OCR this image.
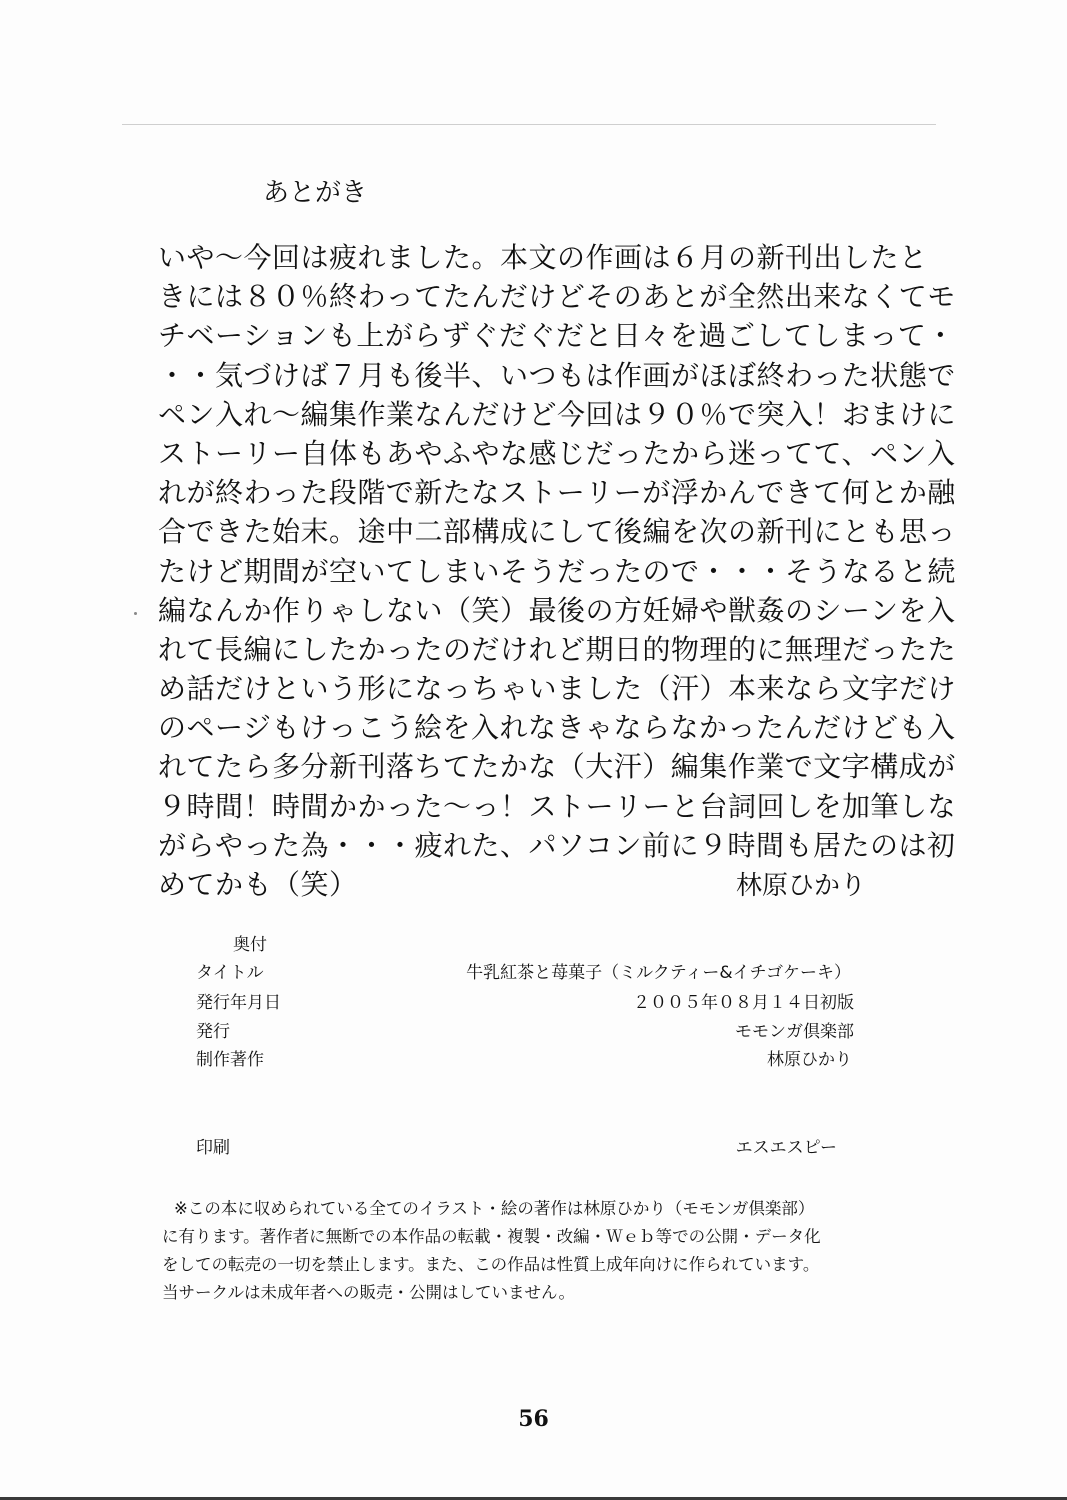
あとがき
いや～今回は疲れました。本文の作画は６月の新刊出したと
きには８０％終わってたんだけどそのあとが全然出来なくてモ
チベーションも上がらずぐだぐだと日々を過ごしてしまって・
・・気づけば７月も後半、いつもは作画がほぼ終わった状態で
ペン入れ～編集作業なんだけど今回は９０％で突入！おまけに
ストーリー自体もあやふやな感じだったから迷ってて、ペン入
れが終わった段階で新たなストーリーが浮かんできて何とか融
合できた始末。途中二部構成にして後編を次の新刊にとも思っ
たけど期間が空いてしまいそうだったので・・・そうなると続
編なんか作りゃしない（笑）最後の方妊婦や獣姦のシーンを入
れて長編にしたかったのだけれど期日的物理的に無理だったた
め話だけという形になっちゃいました（汗）本来なら文字だけ
のページもけっこう絵を入れなきゃならなかったんだけども入
れてたら多分新刊落ちてたかな（大汗）編集作業で文字構成が
９時間！時間かかった～っ！ストーリーと台詞回しを加筆しな
がらやった為・・・疲れた、パソコン前に９時間も居たのは初
めてかも（笑）	林原ひかり
奥付
タイトル	牛乳紅茶と苺菓子（ミルクティー&イチゴケーキ）
発行年月日	２００５年０８月１４日初版
発行	モモンガ倶楽部
制作著作	林原ひかり
印刷	エスエスピー
※この本に収められている全てのイラスト・絵の著作は林原ひかり（モモンガ倶楽部）
に有ります。著作者に無断での本作品の転載・複製・改編・Ｗｅｂ等での公開・データ化
をしての転売の一切を禁止します。また、この作品は性質上成年向けに作られています。
当サークルは未成年者への販売・公開はしていません。
56
